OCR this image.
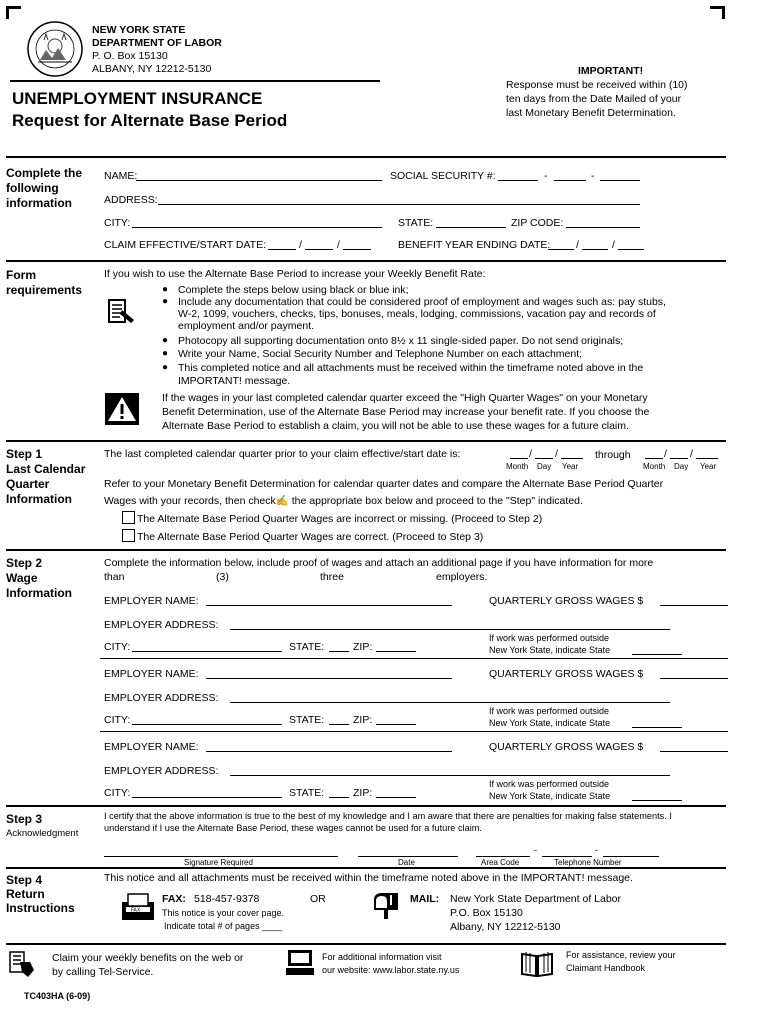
NEW YORK STATE
DEPARTMENT OF LABOR
P. O. Box 15130
ALBANY, NY 12212-5130
UNEMPLOYMENT INSURANCE
Request for Alternate Base Period
IMPORTANT!
Response must be received within (10)
ten days from the Date Mailed of your
last Monetary Benefit Determination.
Complete the
following
information
NAME:	SOCIAL SECURITY #:	-	-
ADDRESS:
CITY:	STATE:	ZIP CODE:
CLAIM EFFECTIVE/START DATE:	/	/	BENEFIT YEAR ENDING DATE: /	/
Form
requirements
If you wish to use the Alternate Base Period to increase your Weekly Benefit Rate:
● Complete the steps below using black or blue ink;
● Include any documentation that could be considered proof of employment and wages such as: pay stubs,
W-2, 1099, vouchers, checks, tips, bonuses, meals, lodging, commissions, vacation pay and records of
employment and/or payment.
● Photocopy all supporting documentation onto 8½ x 11 single-sided paper. Do not send originals;
● Write your Name, Social Security Number and Telephone Number on each attachment;
● This completed notice and all attachments must be received within the timeframe noted above in the
IMPORTANT! message.
If the wages in your last completed calendar quarter exceed the "High Quarter Wages" on your Monetary
Benefit Determination, use of the Alternate Base Period may increase your benefit rate. If you choose the
Alternate Base Period to establish a claim, you will not be able to use these wages for a future claim.
Step 1
Last Calendar
Quarter
Information
The last completed calendar quarter prior to your claim effective/start date is:	/ /	through	/ /
Month Day Year	Month Day Year
Refer to your Monetary Benefit Determination for calendar quarter dates and compare the Alternate Base Period Quarter
Wages with your records, then check✍ the appropriate box below and proceed to the "Step" indicated.
The Alternate Base Period Quarter Wages are incorrect or missing. (Proceed to Step 2)
The Alternate Base Period Quarter Wages are correct. (Proceed to Step 3)
Step 2
Wage
Information
Complete the information below, include proof of wages and attach an additional page if you have information for more
than	(3)	three	employers.
EMPLOYER NAME:	QUARTERLY GROSS WAGES $
EMPLOYER ADDRESS:
CITY:	STATE:	ZIP:
If work was performed outside
New York State, indicate State
EMPLOYER NAME:	QUARTERLY GROSS WAGES $
EMPLOYER ADDRESS:
CITY:	STATE:	ZIP:
If work was performed outside
New York State, indicate State
EMPLOYER NAME:	QUARTERLY GROSS WAGES $
EMPLOYER ADDRESS:
CITY:	STATE:	ZIP:
If work was performed outside
New York State, indicate State
Step 3
Acknowledgment
I certify that the above information is true to the best of my knowledge and I am aware that there are penalties for making false statements. I
understand if I use the Alternate Base Period, these wages cannot be used for a future claim.
-	-
Signature Required	Date	Area Code	Telephone Number
Step 4
Return
Instructions
This notice and all attachments must be received within the timeframe noted above in the IMPORTANT! message.
FAX
FAX: 518-457-9378	OR
This notice is your cover page.
Indicate total # of pages ____
MAIL: New York State Department of Labor
P.O. Box 15130
Albany, NY 12212-5130
Claim your weekly benefits on the web or
by calling Tel-Service.
For additional information visit
our website: www.labor.state.ny.us
For assistance, review your
Claimant Handbook
TC403HA (6-09)
